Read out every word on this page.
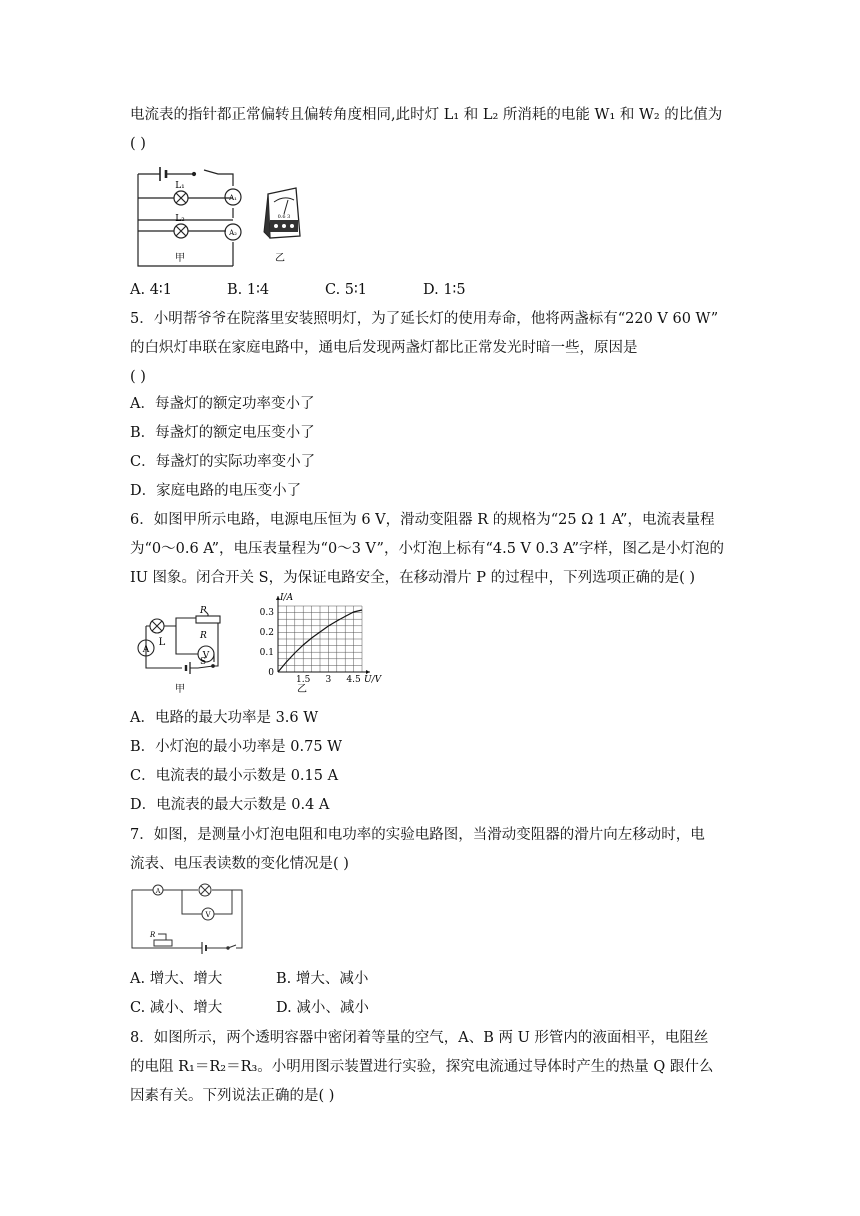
电流表的指针都正常偏转且偏转角度相同,此时灯 L₁ 和 L₂ 所消耗的电能 W₁ 和 W₂ 的比值为
( )
L₁
L₂
A₁
A₂
甲
0.6 3
乙
A. 4∶1	B. 1∶4	C. 5∶1	D. 1∶5
5．小明帮爷爷在院落里安装照明灯，为了延长灯的使用寿命，他将两盏标有“220 V 60 W”
的白炽灯串联在家庭电路中，通电后发现两盏灯都比正常发光时暗一些，原因是
( )
A．每盏灯的额定功率变小了
B．每盏灯的额定电压变小了
C．每盏灯的实际功率变小了
D．家庭电路的电压变小了
6．如图甲所示电路，电源电压恒为 6 V，滑动变阻器 R 的规格为“25 Ω 1 A”，电流表量程
为“0～0.6 A”，电压表量程为“0～3 V”，小灯泡上标有“4.5 V 0.3 A”字样，图乙是小灯泡的
IU 图象。闭合开关 S，为保证电路安全，在移动滑片 P 的过程中，下列选项正确的是( )
A
V
L
P
R
S
甲
1.5 3 4.5
0.3
0.2
0.1
0
U/V
I/A
乙
A．电路的最大功率是 3.6 W
B．小灯泡的最小功率是 0.75 W
C．电流表的最小示数是 0.15 A
D．电流表的最大示数是 0.4 A
7．如图，是测量小灯泡电阻和电功率的实验电路图，当滑动变阻器的滑片向左移动时，电
流表、电压表读数的变化情况是( )
A
V
R
A. 增大、增大	B. 增大、减小
C. 减小、增大	D. 减小、减小
8．如图所示，两个透明容器中密闭着等量的空气，A、B 两 U 形管内的液面相平，电阻丝
的电阻 R₁＝R₂＝R₃。小明用图示装置进行实验，探究电流通过导体时产生的热量 Q 跟什么
因素有关。下列说法正确的是( )
